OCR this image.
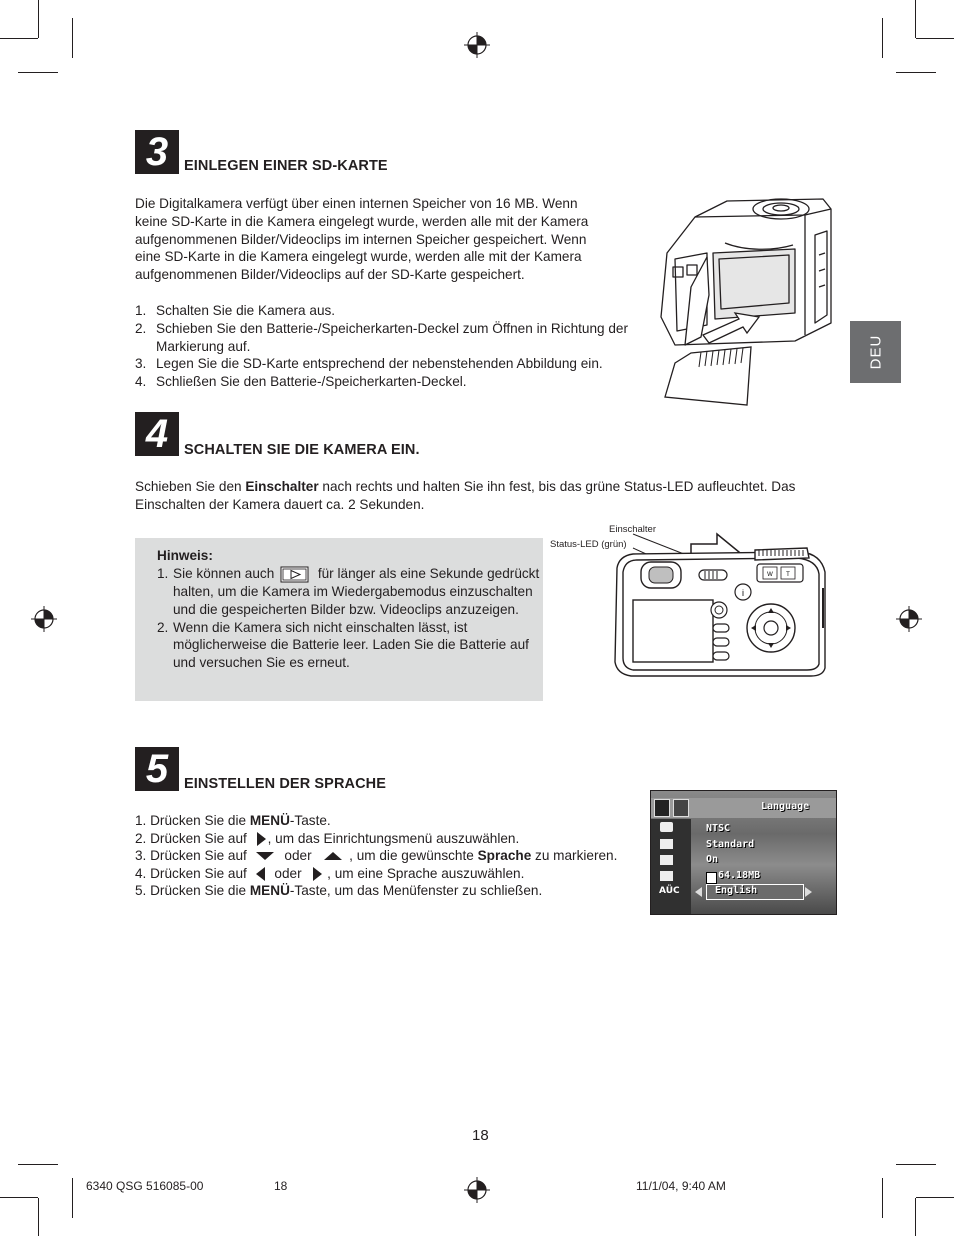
DEU
3	EINLEGEN EINER SD-KARTE
Die Digitalkamera verfügt über einen internen Speicher von 16 MB. Wenn
keine SD-Karte in die Kamera eingelegt wurde, werden alle mit der Kamera
aufgenommenen Bilder/Videoclips im internen Speicher gespeichert. Wenn
eine SD-Karte in die Kamera eingelegt wurde, werden alle mit der Kamera
aufgenommenen Bilder/Videoclips auf der SD-Karte gespeichert.
1. Schalten Sie die Kamera aus.
2. Schieben Sie den Batterie-/Speicherkarten-Deckel zum Öffnen in Richtung der Markierung auf.
3. Legen Sie die SD-Karte entsprechend der nebenstehenden Abbildung ein.
4. Schließen Sie den Batterie-/Speicherkarten-Deckel.
4	SCHALTEN SIE DIE KAMERA EIN.
Schieben Sie den Einschalter nach rechts und halten Sie ihn fest, bis das grüne Status-LED aufleuchtet. Das Einschalten der Kamera dauert ca. 2 Sekunden.
Hinweis:
1. Sie können auch	für länger als eine Sekunde gedrückt halten, um die Kamera im Wiedergabemodus einzuschalten und die gespeicherten Bilder bzw. Videoclips anzuzeigen.
2. Wenn die Kamera sich nicht einschalten lässt, ist möglicherweise die Batterie leer. Laden Sie die Batterie auf und versuchen Sie es erneut.
Einschalter
Status-LED (grün)
W T
i
5	EINSTELLEN DER SPRACHE
1. Drücken Sie die MENÜ-Taste.
2. Drücken Sie auf , um das Einrichtungsmenü auszuwählen.
3. Drücken Sie auf  oder  , um die gewünschte Sprache zu markieren.
4. Drücken Sie auf  oder  , um eine Sprache auszuwählen.
5. Drücken Sie die MENÜ-Taste, um das Menüfenster zu schließen.
Language
AÜC
NTSC
Standard
On
64.18MB
English
18
6340 QSG 516085-00	18	11/1/04, 9:40 AM
